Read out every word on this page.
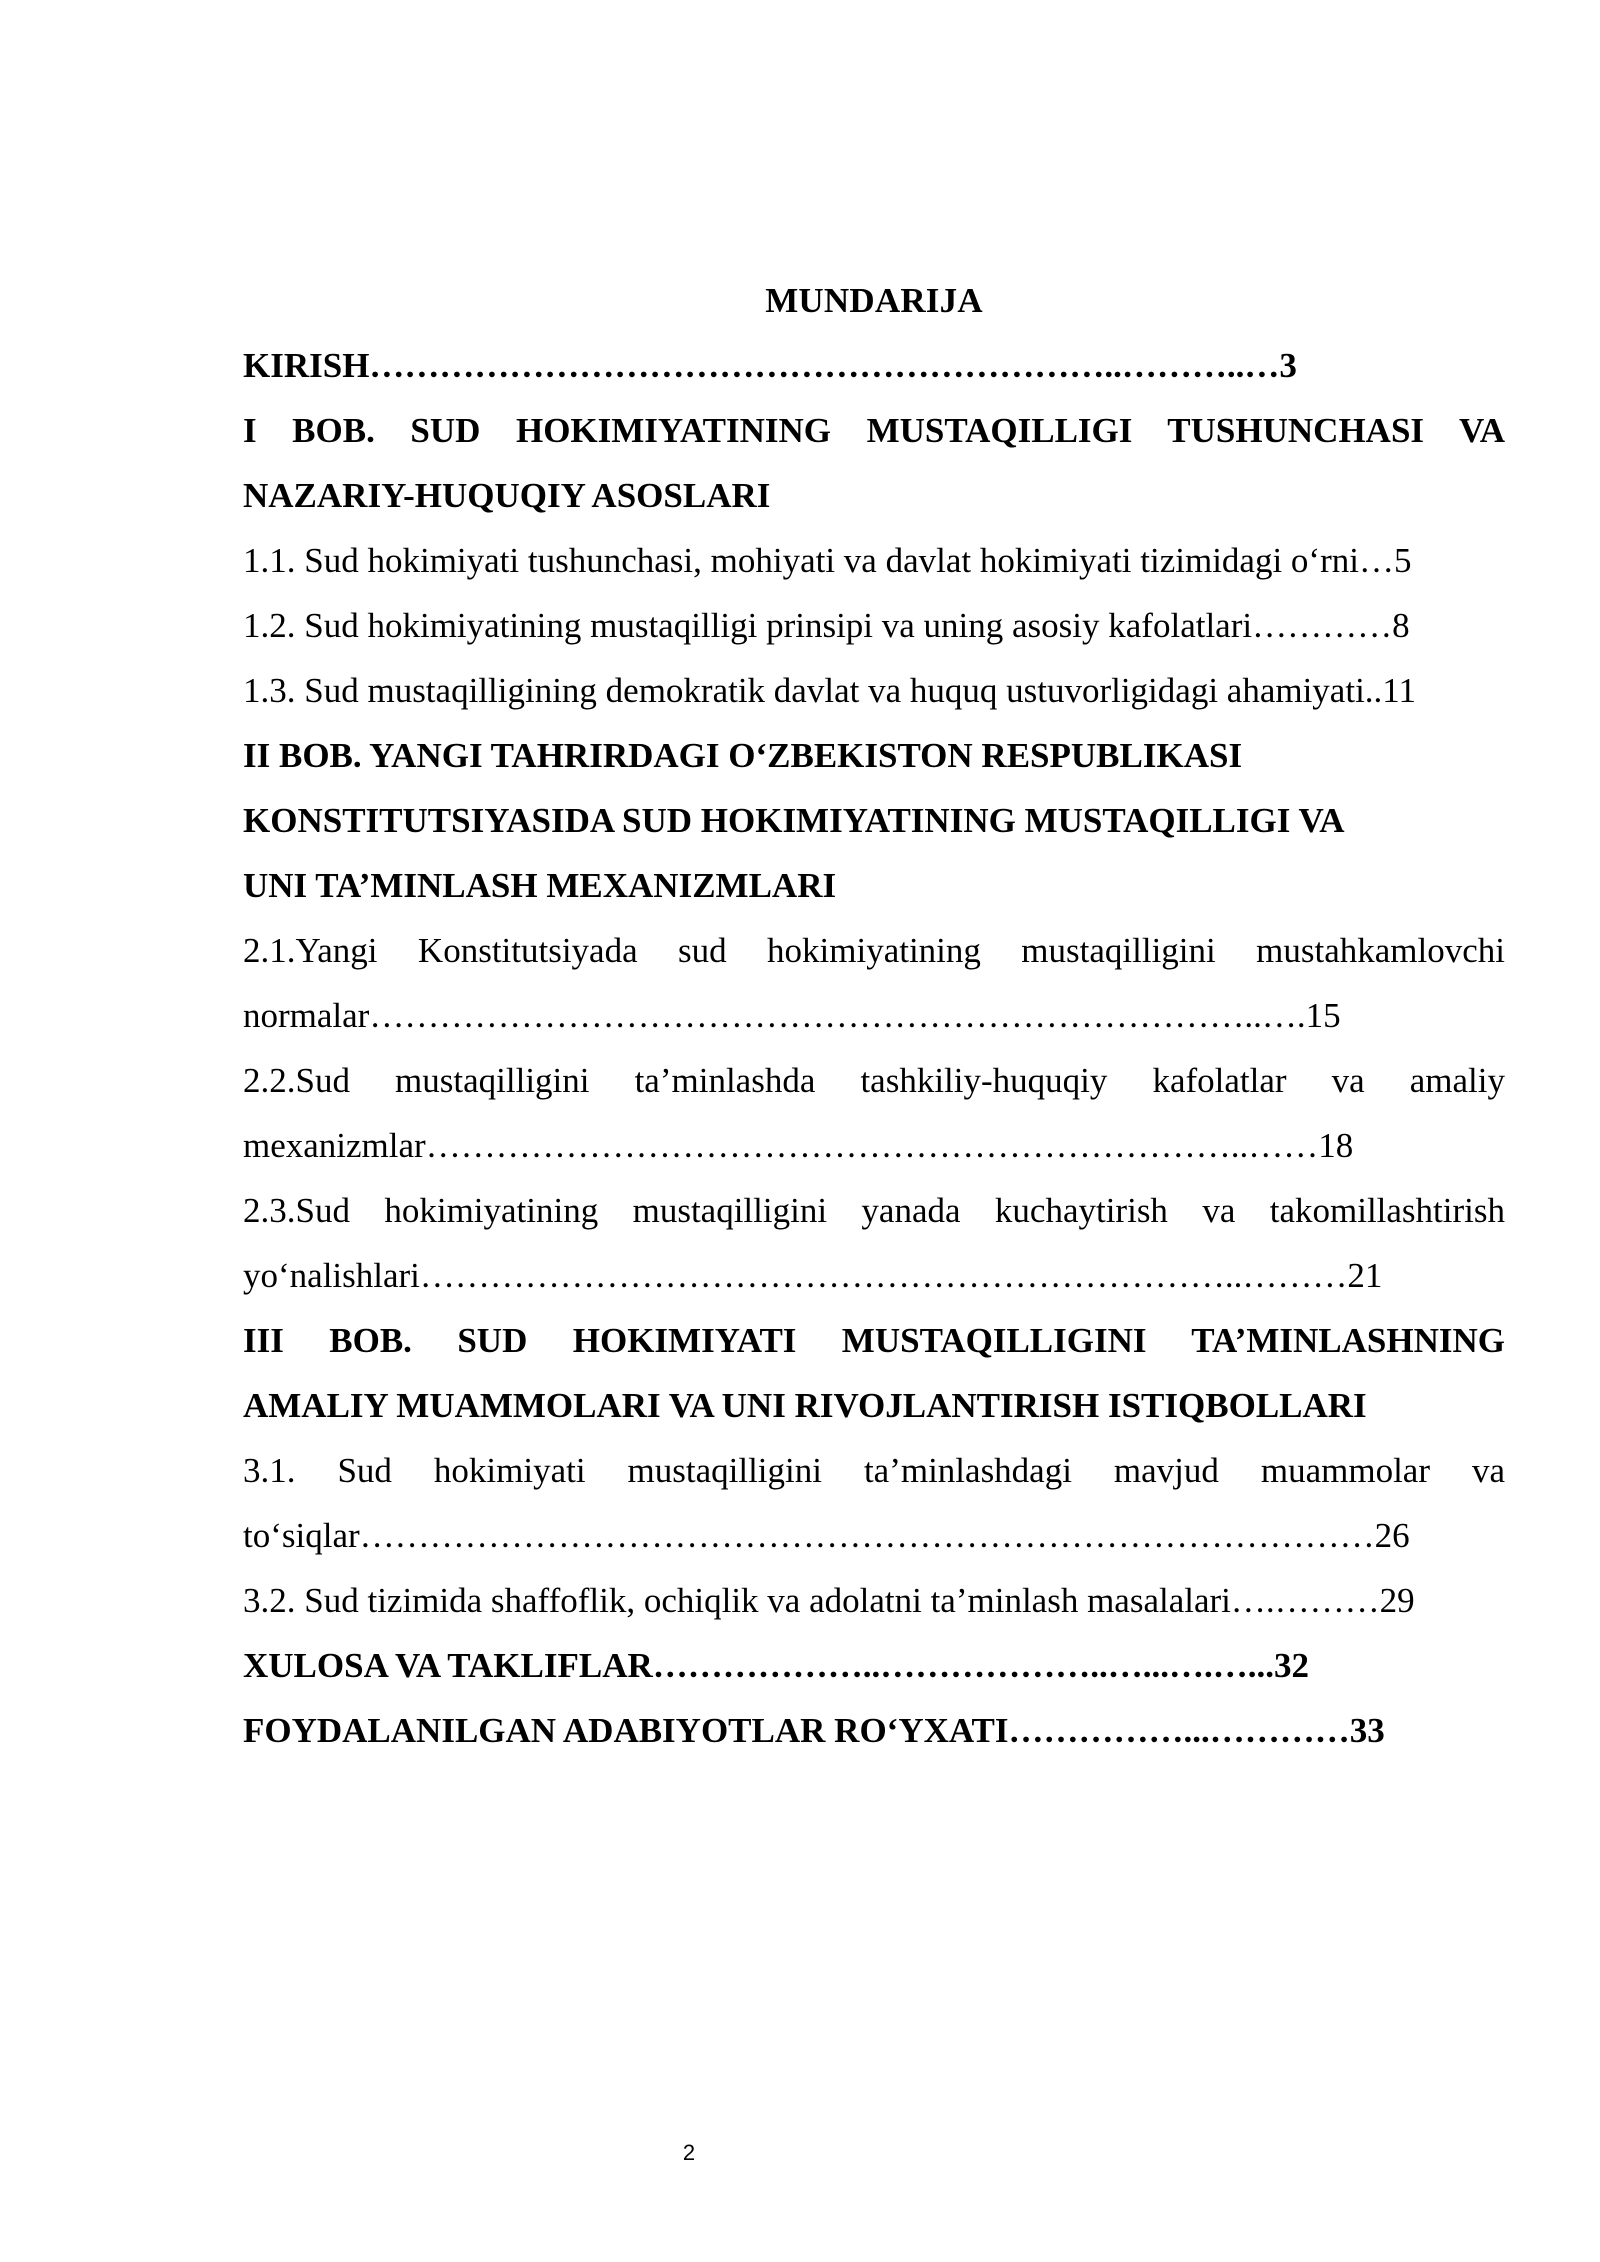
MUNDARIJA
KIRISH………………………………………………………..………..…3
I BOB. SUD HOKIMIYATINING MUSTAQILLIGI TUSHUNCHASI VA
NAZARIY-HUQUQIY ASOSLARI
1.1. Sud hokimiyati tushunchasi, mohiyati va davlat hokimiyati tizimidagi o‘rni…5
1.2. Sud hokimiyatining mustaqilligi prinsipi va uning asosiy kafolatlari…………8
1.3. Sud mustaqilligining demokratik davlat va huquq ustuvorligidagi ahamiyati..11
II BOB. YANGI TAHRIRDAGI O‘ZBEKISTON RESPUBLIKASI
KONSTITUTSIYASIDA SUD HOKIMIYATINING MUSTAQILLIGI VA
UNI TA’MINLASH MEXANIZMLARI
2.1.Yangi Konstitutsiyada sud hokimiyatining mustaqilligini mustahkamlovchi
normalar…………………………………………………………………..….15
2.2.Sud mustaqilligini ta’minlashda tashkiliy-huquqiy kafolatlar va amaliy
mexanizmlar……………………………………………………………..……18
2.3.Sud hokimiyatining mustaqilligini yanada kuchaytirish va takomillashtirish
yo‘nalishlari……………………………………………………………..………21
III BOB. SUD HOKIMIYATI MUSTAQILLIGINI TA’MINLASHNING
AMALIY MUAMMOLARI VA UNI RIVOJLANTIRISH ISTIQBOLLARI
3.1. Sud hokimiyati mustaqilligini ta’minlashdagi mavjud muammolar va
to‘siqlar……………………………………………………………………………26
3.2. Sud tizimida shaffoflik, ochiqlik va adolatni ta’minlash masalalari….………29
XULOSA VA TAKLIFLAR………………..………………..…...….…...32
FOYDALANILGAN ADABIYOTLAR RO‘YXATI……………...…………33
2
